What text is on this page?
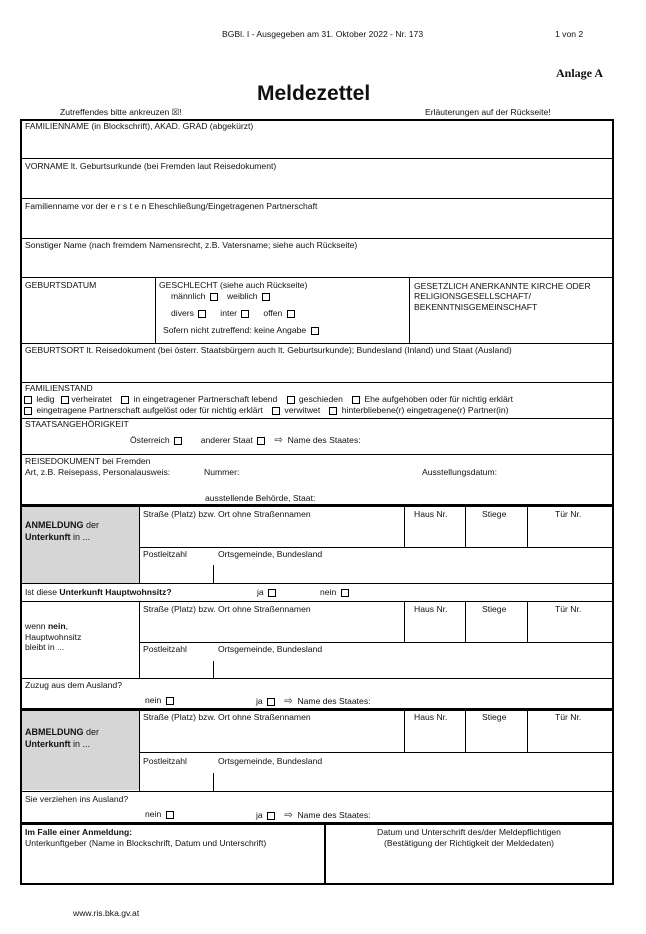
BGBl. I - Ausgegeben am 31. Oktober 2022 - Nr. 173	1 von 2
Anlage A
Meldezettel
Zutreffendes bitte ankreuzen ☒!	Erläuterungen auf der Rückseite!
FAMILIENNAME (in Blockschrift), AKAD. GRAD (abgekürzt)
VORNAME lt. Geburtsurkunde (bei Fremden laut Reisedokument)
Familienname vor der e r s t e n Eheschließung/Eingetragenen Partnerschaft
Sonstiger Name (nach fremdem Namensrecht, z.B. Vatersname; siehe auch Rückseite)
GEBURTSDATUM	GESCHLECHT (siehe auch Rückseite)
männlich	weiblich
divers	inter	offen
Sofern nicht zutreffend: keine Angabe
GESETZLICH ANERKANNTE KIRCHE ODER RELIGIONSGESELLSCHAFT/ BEKENNTNISGEMEINSCHAFT
GEBURTSORT lt. Reisedokument (bei österr. Staatsbürgern auch lt. Geburtsurkunde); Bundesland (Inland) und Staat (Ausland)
FAMILIENSTAND
ledig verheiratet	in eingetragener Partnerschaft lebend	geschieden	Ehe aufgehoben oder für nichtig erklärt
eingetragene Partnerschaft aufgelöst oder für nichtig erklärt	verwitwet	hinterbliebene(r) eingetragene(r) Partner(in)
STAATSANGEHÖRIGKEIT
Österreich	anderer Staat ⇨ Name des Staates:
REISEDOKUMENT bei Fremden
Art, z.B. Reisepass, Personalausweis:	Nummer:	Ausstellungsdatum:
ausstellende Behörde, Staat:
ANMELDUNG der
Unterkunft in ...
Straße (Platz) bzw. Ort ohne Straßennamen	Haus Nr.	Stiege	Tür Nr.
Postleitzahl	Ortsgemeinde, Bundesland
Ist diese Unterkunft Hauptwohnsitz?	ja	nein
wenn nein,
Hauptwohnsitz
bleibt in ...
Straße (Platz) bzw. Ort ohne Straßennamen	Haus Nr.	Stiege	Tür Nr.
Postleitzahl	Ortsgemeinde, Bundesland
Zuzug aus dem Ausland?
nein	ja ⇨ Name des Staates:
ABMELDUNG der
Unterkunft in ...
Straße (Platz) bzw. Ort ohne Straßennamen	Haus Nr.	Stiege	Tür Nr.
Postleitzahl	Ortsgemeinde, Bundesland
Sie verziehen ins Ausland?
nein	ja ⇨ Name des Staates:
Im Falle einer Anmeldung:
Unterkunftgeber (Name in Blockschrift, Datum und Unterschrift)
Datum und Unterschrift des/der Meldepflichtigen
(Bestätigung der Richtigkeit der Meldedaten)
www.ris.bka.gv.at
